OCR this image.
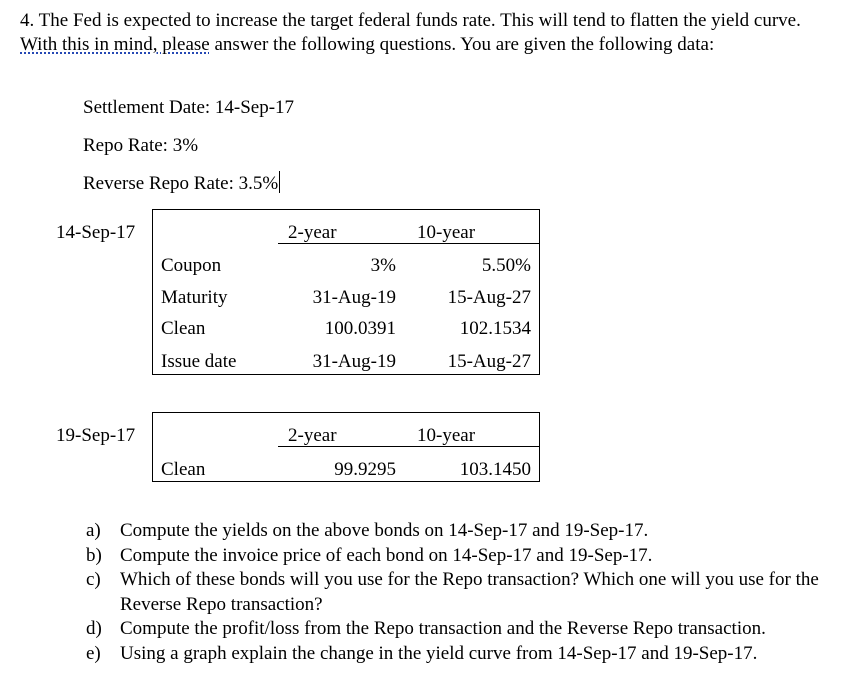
4. The Fed is expected to increase the target federal funds rate. This will tend to flatten the yield curve. With this in mind, please answer the following questions. You are given the following data:
Settlement Date: 14-Sep-17
Repo Rate: 3%
Reverse Repo Rate: 3.5%
14-Sep-17	2-year	10-year
Coupon	3%	5.50%
Maturity	31-Aug-19	15-Aug-27
Clean	100.0391	102.1534
Issue date	31-Aug-19	15-Aug-27
19-Sep-17	2-year	10-year
Clean	99.9295	103.1450
a) Compute the yields on the above bonds on 14-Sep-17 and 19-Sep-17.
b) Compute the invoice price of each bond on 14-Sep-17 and 19-Sep-17.
c) Which of these bonds will you use for the Repo transaction? Which one will you use for the Reverse Repo transaction?
d) Compute the profit/loss from the Repo transaction and the Reverse Repo transaction.
e) Using a graph explain the change in the yield curve from 14-Sep-17 and 19-Sep-17.
